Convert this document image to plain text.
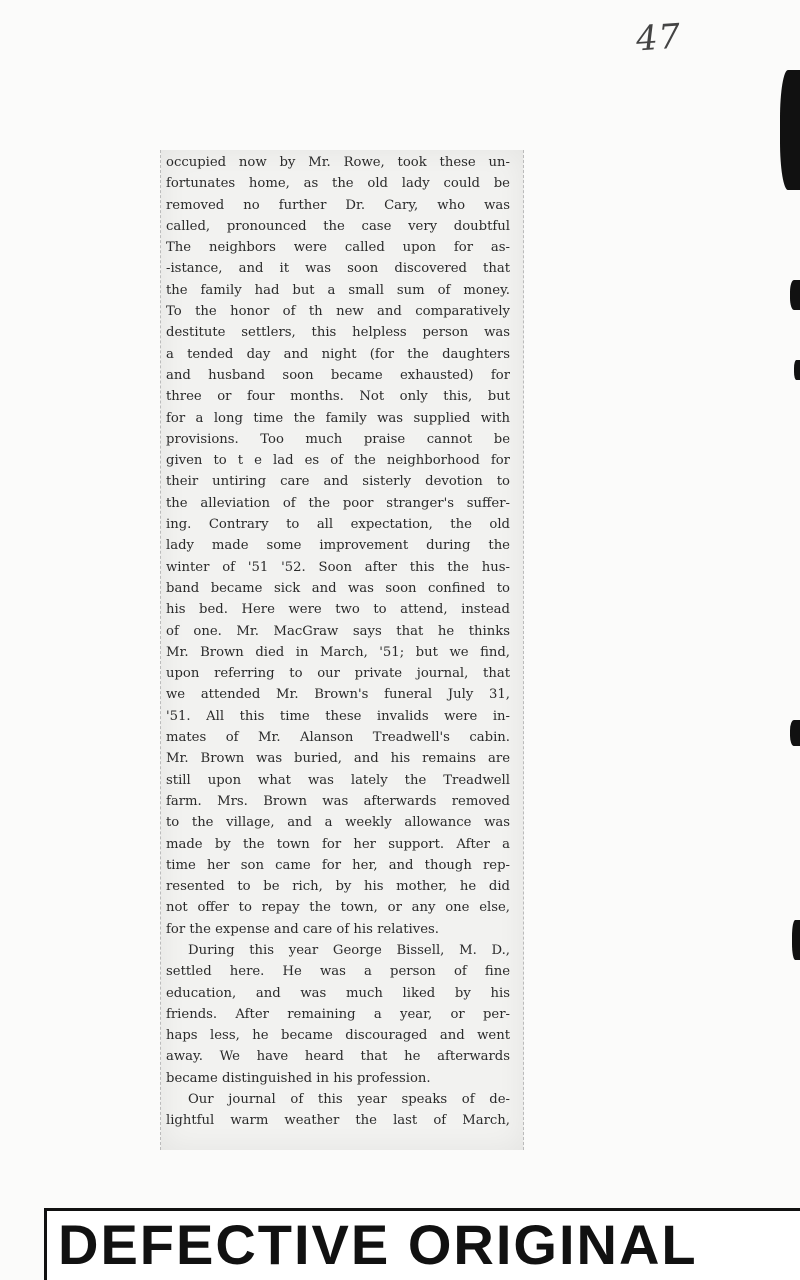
47
occupied now by Mr. Rowe, took these un-
fortunates home, as the old lady could be
removed no further Dr. Cary, who was
called, pronounced the case very doubtful
The neighbors were called upon for as-
-istance, and it was soon discovered that
the family had but a small sum of money.
To the honor of th new and comparatively
destitute settlers, this helpless person was
a tended day and night (for the daughters
and husband soon became exhausted) for
three or four months. Not only this, but
for a long time the family was supplied with
provisions. Too much praise cannot be
given to t e lad es of the neighborhood for
their untiring care and sisterly devotion to
the alleviation of the poor stranger's suffer-
ing. Contrary to all expectation, the old
lady made some improvement during the
winter of '51 '52. Soon after this the hus-
band became sick and was soon confined to
his bed. Here were two to attend, instead
of one. Mr. MacGraw says that he thinks
Mr. Brown died in March, '51; but we find,
upon referring to our private journal, that
we attended Mr. Brown's funeral July 31,
'51. All this time these invalids were in-
mates of Mr. Alanson Treadwell's cabin.
Mr. Brown was buried, and his remains are
still upon what was lately the Treadwell
farm. Mrs. Brown was afterwards removed
to the village, and a weekly allowance was
made by the town for her support. After a
time her son came for her, and though rep-
resented to be rich, by his mother, he did
not offer to repay the town, or any one else,
for the expense and care of his relatives.
During this year George Bissell, M. D.,
settled here. He was a person of fine
education, and was much liked by his
friends. After remaining a year, or per-
haps less, he became discouraged and went
away. We have heard that he afterwards
became distinguished in his profession.
Our journal of this year speaks of de-
lightful warm weather the last of March,
DEFECTIVE ORIGINAL
